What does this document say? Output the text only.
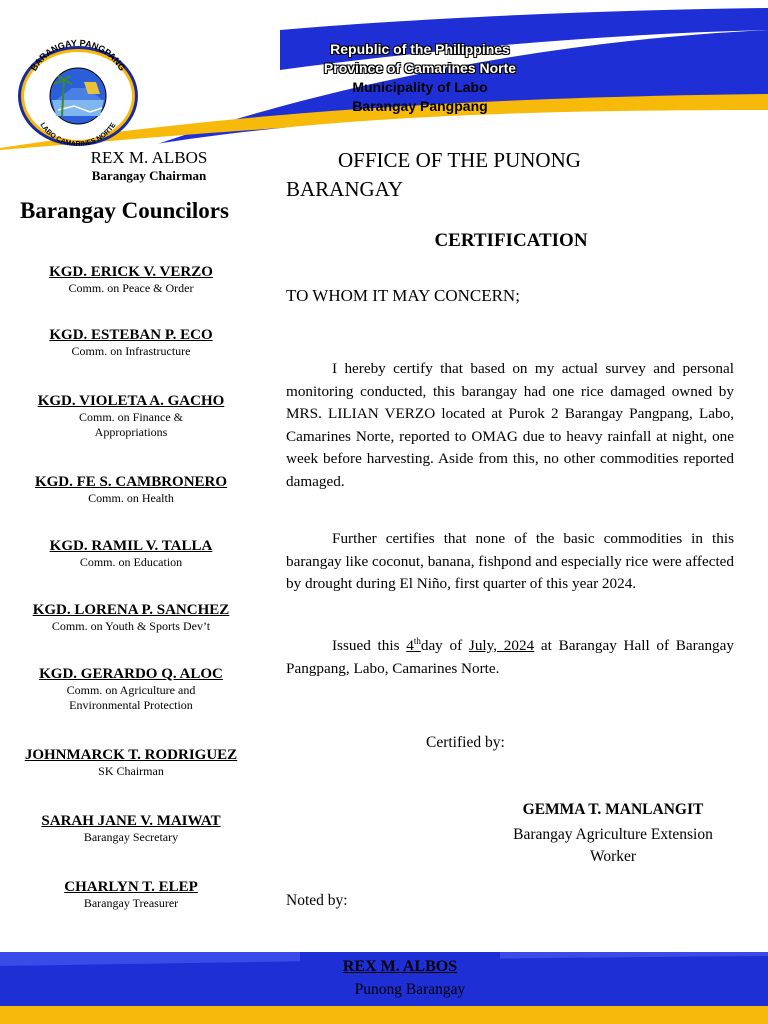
BARANGAY PANGPANG
LABO CAMARINES NORTE
Republic of the Philippines
Province of Camarines Norte
Municipality of Labo
Barangay Pangpang
REX M. ALBOS
Barangay Chairman
Barangay Councilors
KGD. ERICK V. VERZO
Comm. on Peace & Order
KGD. ESTEBAN P. ECO
Comm. on Infrastructure
KGD. VIOLETA A. GACHO
Comm. on Finance &
Appropriations
KGD. FE S. CAMBRONERO
Comm. on Health
KGD. RAMIL V. TALLA
Comm. on Education
KGD. LORENA P. SANCHEZ
Comm. on Youth & Sports Dev’t
KGD. GERARDO Q. ALOC
Comm. on Agriculture and
Environmental Protection
JOHNMARCK T. RODRIGUEZ
SK Chairman
SARAH JANE V. MAIWAT
Barangay Secretary
CHARLYN T. ELEP
Barangay Treasurer
OFFICE OF THE PUNONG
BARANGAY
CERTIFICATION
TO WHOM IT MAY CONCERN;

I hereby certify that based on my actual survey and personal monitoring conducted, this barangay had one rice damaged owned by MRS. LILIAN VERZO located at Purok 2 Barangay Pangpang, Labo, Camarines Norte, reported to OMAG due to heavy rainfall at night, one week before harvesting. Aside from this, no other commodities reported damaged.

Further certifies that none of the basic commodities in this barangay like coconut, banana, fishpond and especially rice were affected by drought during El Niño, first quarter of this year 2024.

Issued this 4thday of July, 2024 at Barangay Hall of Barangay Pangpang, Labo, Camarines Norte.

Certified by:
GEMMA T. MANLANGIT
Barangay Agriculture Extension
Worker
Noted by:
REX M. ALBOS
Punong Barangay
